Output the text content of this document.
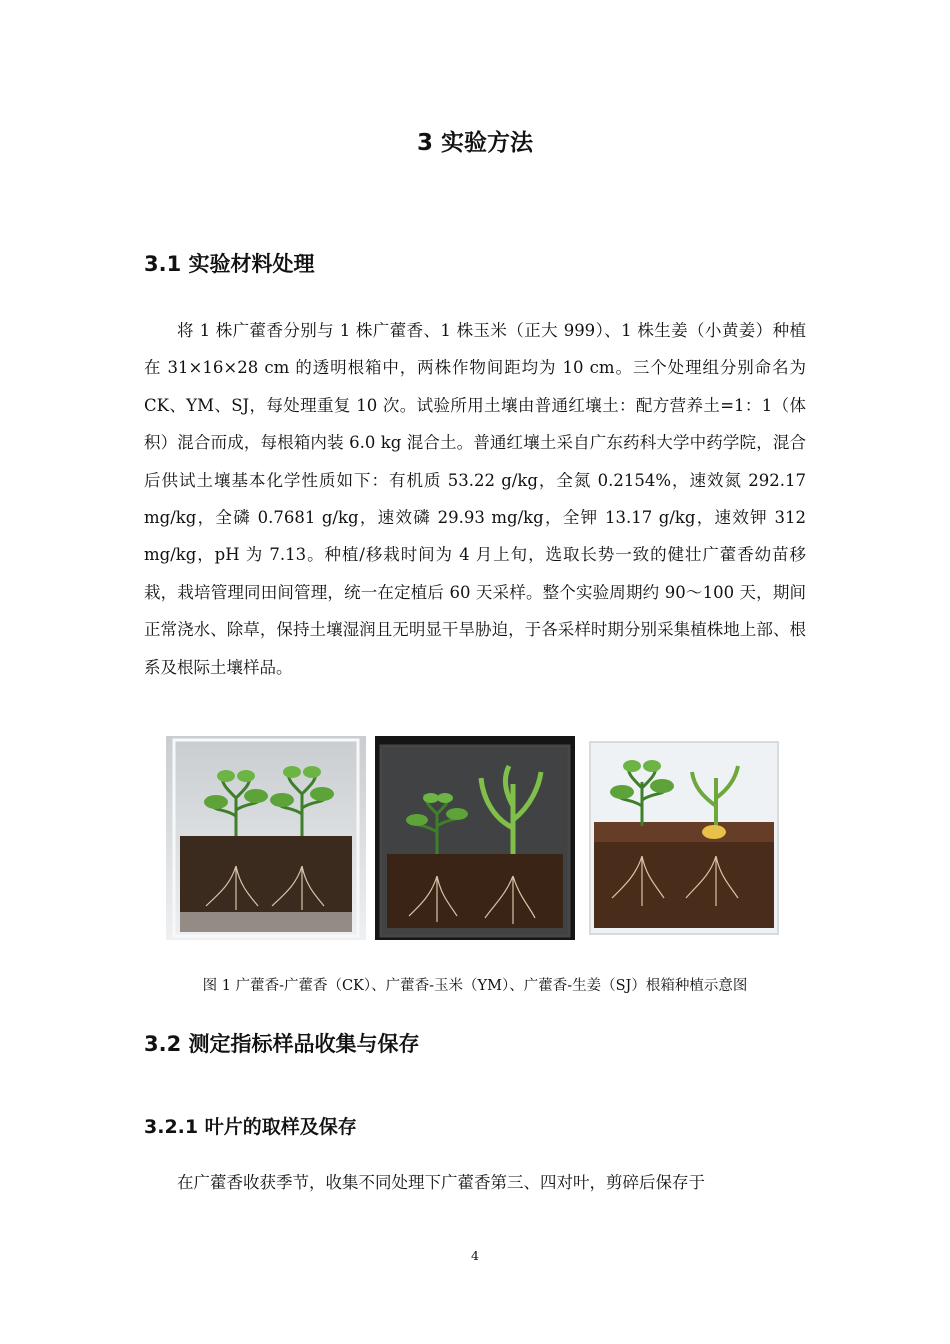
3 实验方法
3.1 实验材料处理

将 1 株广藿香分别与 1 株广藿香、1 株玉米（正大 999）、1 株生姜（小黄姜）种植在 31×16×28 cm 的透明根箱中，两株作物间距均为 10 cm。三个处理组分别命名为 CK、YM、SJ，每处理重复 10 次。试验所用土壤由普通红壤土：配方营养土=1：1（体积）混合而成，每根箱内装 6.0 kg 混合土。普通红壤土采自广东药科大学中药学院，混合后供试土壤基本化学性质如下：有机质 53.22 g/kg，全氮 0.2154%，速效氮 292.17 mg/kg，全磷 0.7681 g/kg，速效磷 29.93 mg/kg，全钾 13.17 g/kg，速效钾 312 mg/kg，pH 为 7.13。种植/移栽时间为 4 月上旬，选取长势一致的健壮广藿香幼苗移栽，栽培管理同田间管理，统一在定植后 60 天采样。整个实验周期约 90～100 天，期间正常浇水、除草，保持土壤湿润且无明显干旱胁迫，于各采样时期分别采集植株地上部、根系及根际土壤样品。

图 1 广藿香-广藿香（CK）、广藿香-玉米（YM）、广藿香-生姜（SJ）根箱种植示意图

3.2 测定指标样品收集与保存
3.2.1 叶片的取样及保存

在广藿香收获季节，收集不同处理下广藿香第三、四对叶，剪碎后保存于

4
